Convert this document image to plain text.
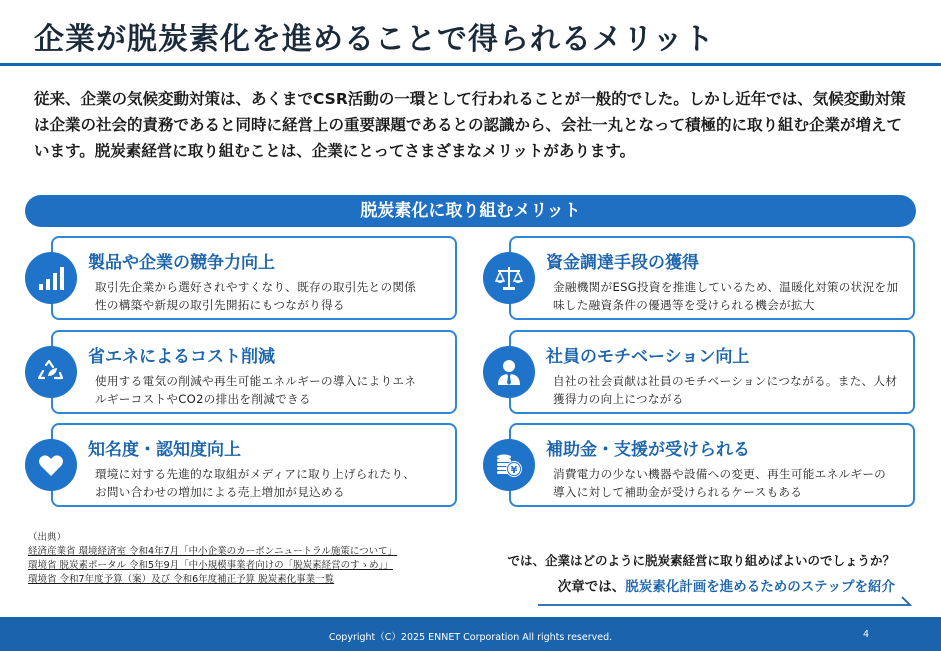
企業が脱炭素化を進めることで得られるメリット
従来、企業の気候変動対策は、あくまでCSR活動の一環として行われることが一般的でした。しかし近年では、気候変動対策は企業の社会的責務であると同時に経営上の重要課題であるとの認識から、会社一丸となって積極的に取り組む企業が増えています。脱炭素経営に取り組むことは、企業にとってさまざまなメリットがあります。
脱炭素化に取り組むメリット
製品や企業の競争力向上
取引先企業から選好されやすくなり、既存の取引先との関係性の構築や新規の取引先開拓にもつながり得る
資金調達手段の獲得
金融機関がESG投資を推進しているため、温暖化対策の状況を加味した融資条件の優遇等を受けられる機会が拡大
省エネによるコスト削減
使用する電気の削減や再生可能エネルギーの導入によりエネルギーコストやCO2の排出を削減できる
社員のモチベーション向上
自社の社会貢献は社員のモチベーションにつながる。また、人材獲得力の向上につながる
知名度・認知度向上
環境に対する先進的な取組がメディアに取り上げられたり、お問い合わせの増加による売上増加が見込める
補助金・支援が受けられる
消費電力の少ない機器や設備への変更、再生可能エネルギーの導入に対して補助金が受けられるケースもある
¥
（出典）
経済産業省 環境経済室 令和4年7月「中小企業のカーボンニュートラル施策について」
環境省 脱炭素ポータル 令和5年9月「中小規模事業者向けの「脱炭素経営のすゝめ」」
環境省 令和7年度予算（案）及び 令和6年度補正予算 脱炭素化事業一覧
では、企業はどのように脱炭素経営に取り組めばよいのでしょうか？
次章では、脱炭素化計画を進めるためのステップを紹介
Copyright（C）2025 ENNET Corporation All rights reserved.	4
